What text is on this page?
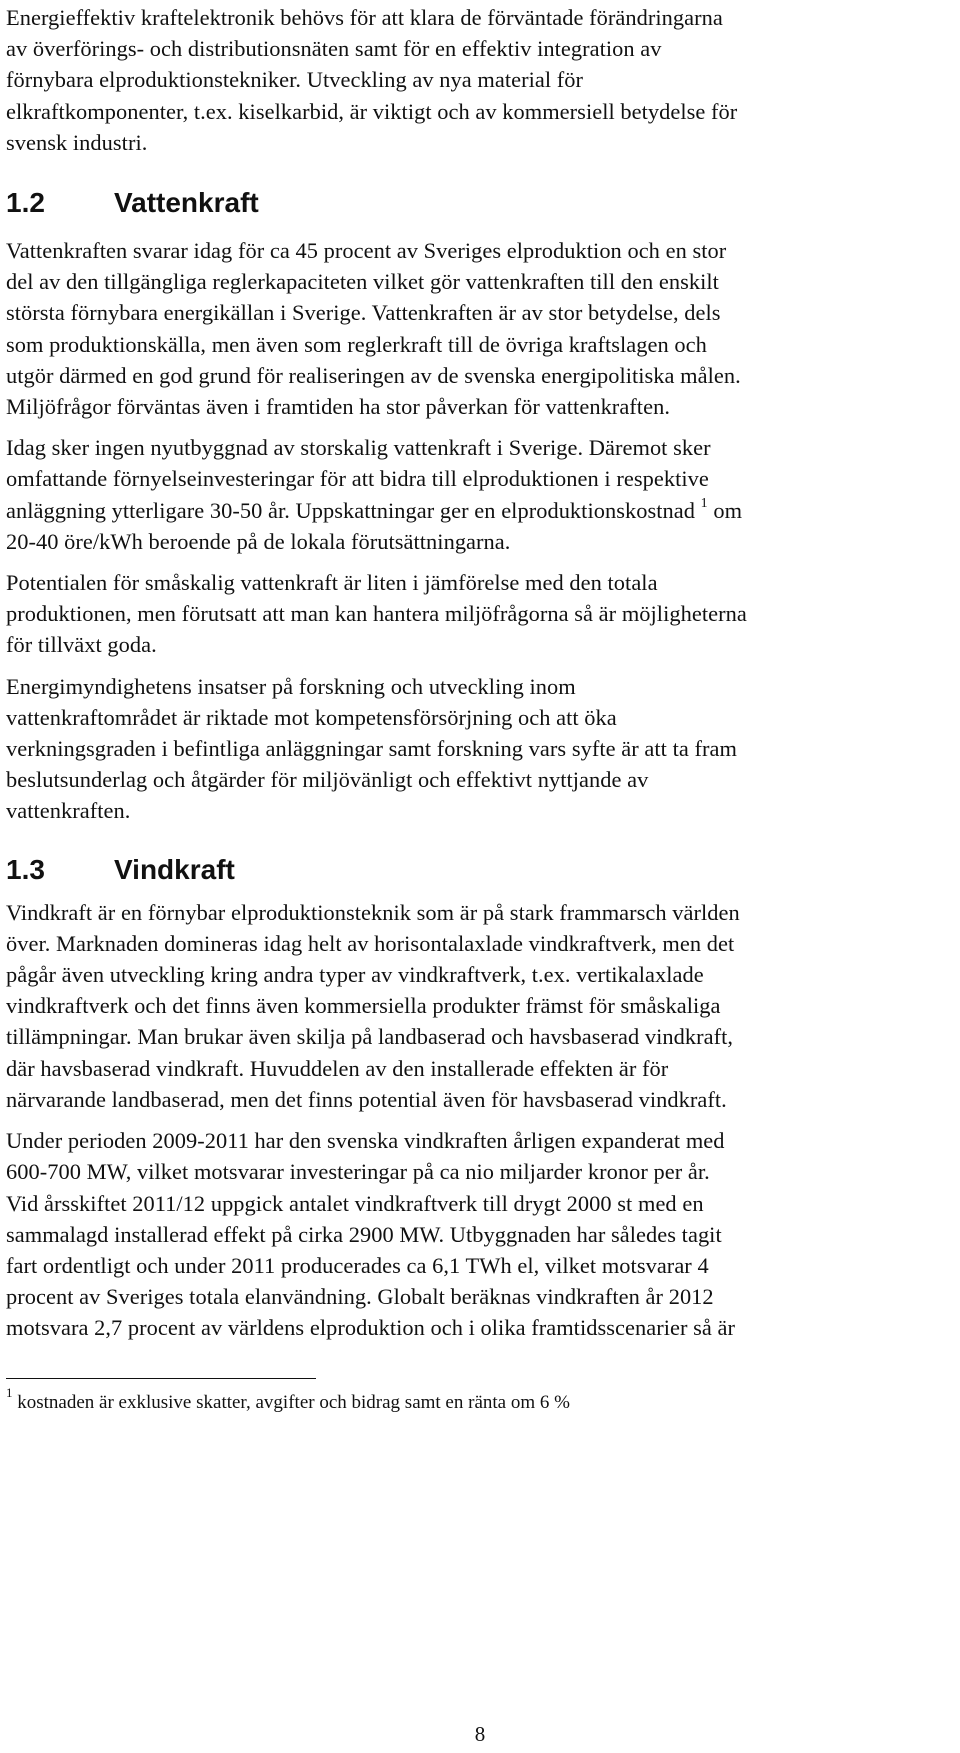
Energieffektiv kraftelektronik behövs för att klara de förväntade förändringarna
av överförings- och distributionsnäten samt för en effektiv integration av
förnybara elproduktionstekniker. Utveckling av nya material för
elkraftkomponenter, t.ex. kiselkarbid, är viktigt och av kommersiell betydelse för
svensk industri.

1.2 Vattenkraft

Vattenkraften svarar idag för ca 45 procent av Sveriges elproduktion och en stor
del av den tillgängliga reglerkapaciteten vilket gör vattenkraften till den enskilt
största förnybara energikällan i Sverige. Vattenkraften är av stor betydelse, dels
som produktionskälla, men även som reglerkraft till de övriga kraftslagen och
utgör därmed en god grund för realiseringen av de svenska energipolitiska målen.
Miljöfrågor förväntas även i framtiden ha stor påverkan för vattenkraften.

Idag sker ingen nyutbyggnad av storskalig vattenkraft i Sverige. Däremot sker
omfattande förnyelseinvesteringar för att bidra till elproduktionen i respektive
anläggning ytterligare 30-50 år. Uppskattningar ger en elproduktionskostnad $^1$ om
20-40 öre/kWh beroende på de lokala förutsättningarna.

Potentialen för småskalig vattenkraft är liten i jämförelse med den totala
produktionen, men förutsatt att man kan hantera miljöfrågorna så är möjligheterna
för tillväxt goda.

Energimyndighetens insatser på forskning och utveckling inom
vattenkraftområdet är riktade mot kompetensförsörjning och att öka
verkningsgraden i befintliga anläggningar samt forskning vars syfte är att ta fram
beslutsunderlag och åtgärder för miljövänligt och effektivt nyttjande av
vattenkraften.

1.3 Vindkraft

Vindkraft är en förnybar elproduktionsteknik som är på stark frammarsch världen
över. Marknaden domineras idag helt av horisontalaxlade vindkraftverk, men det
pågår även utveckling kring andra typer av vindkraftverk, t.ex. vertikalaxlade
vindkraftverk och det finns även kommersiella produkter främst för småskaliga
tillämpningar. Man brukar även skilja på landbaserad och havsbaserad vindkraft,
där havsbaserad vindkraft. Huvuddelen av den installerade effekten är för
närvarande landbaserad, men det finns potential även för havsbaserad vindkraft.

Under perioden 2009-2011 har den svenska vindkraften årligen expanderat med
600-700 MW, vilket motsvarar investeringar på ca nio miljarder kronor per år.
Vid årsskiftet 2011/12 uppgick antalet vindkraftverk till drygt 2000 st med en
sammalagd installerad effekt på cirka 2900 MW. Utbyggnaden har således tagit
fart ordentligt och under 2011 producerades ca 6,1 TWh el, vilket motsvarar 4
procent av Sveriges totala elanvändning. Globalt beräknas vindkraften år 2012
motsvara 2,7 procent av världens elproduktion och i olika framtidsscenarier så är

$^1$ kostnaden är exklusive skatter, avgifter och bidrag samt en ränta om 6 %
8
